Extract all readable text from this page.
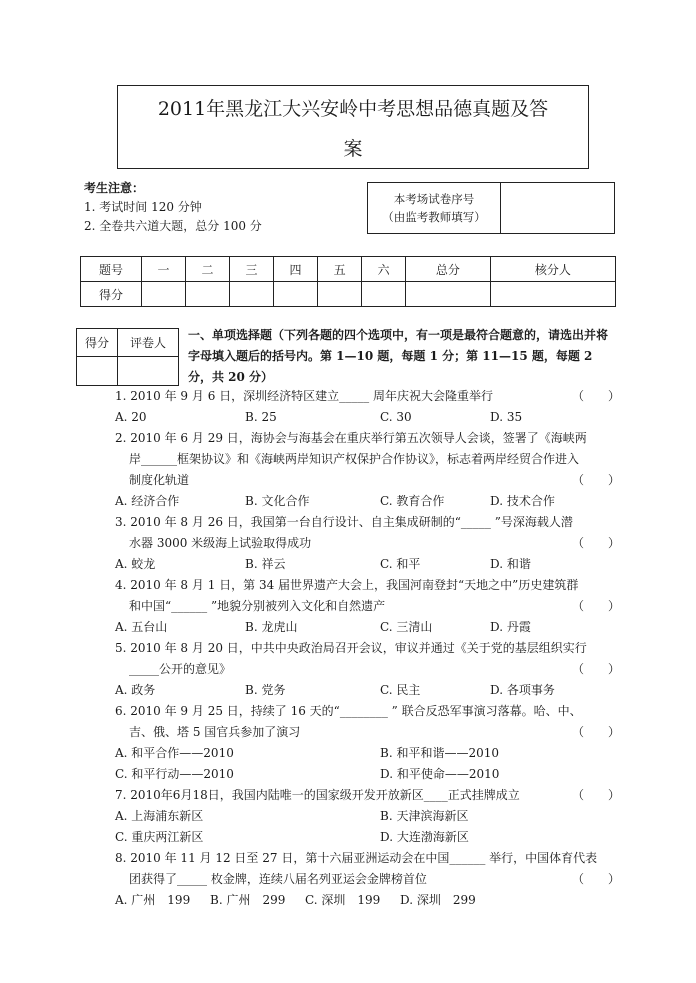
2011年黑龙江大兴安岭中考思想品德真题及答
案
考生注意：
1. 考试时间 120 分钟
2. 全卷共六道大题，总分 100 分
本考场试卷序号
（由监考教师填写）
题号	一	二	三	四	五	六	总分	核分人
得分								
得分	评卷人

一、单项选择题（下列各题的四个选项中，有一项是最符合题意的，请选出并将字母填入题后的括号内。第 1—10 题，每题 1 分；第 11—15 题，每题 2 分，共 20 分）
1. 2010 年 9 月 6 日，深圳经济特区建立_____ 周年庆祝大会隆重举行	（　　）
A. 20	B. 25	C. 30	D. 35
2. 2010 年 6 月 29 日，海协会与海基会在重庆举行第五次领导人会谈，签署了《海峡两
岸______框架协议》和《海峡两岸知识产权保护合作协议》，标志着两岸经贸合作进入
制度化轨道	（　　）
A. 经济合作	B. 文化合作	C. 教育合作	D. 技术合作
3. 2010 年 8 月 26 日，我国第一台自行设计、自主集成研制的“_____ ”号深海载人潜
水器 3000 米级海上试验取得成功	（　　）
A. 蛟龙	B. 祥云	C. 和平	D. 和谐
4. 2010 年 8 月 1 日，第 34 届世界遗产大会上，我国河南登封“天地之中”历史建筑群
和中国“______ ”地貌分别被列入文化和自然遗产	（　　）
A. 五台山	B. 龙虎山	C. 三清山	D. 丹霞
5. 2010 年 8 月 20 日，中共中央政治局召开会议，审议并通过《关于党的基层组织实行
_____公开的意见》	（　　）
A. 政务	B. 党务	C. 民主	D. 各项事务
6. 2010 年 9 月 25 日，持续了 16 天的“________ ” 联合反恐军事演习落幕。哈、中、
吉、俄、塔 5 国官兵参加了演习	（　　）
A. 和平合作——2010	B. 和平和谐——2010
C. 和平行动——2010	D. 和平使命——2010
7. 2010年6月18日，我国内陆唯一的国家级开发开放新区____正式挂牌成立	（　　）
A. 上海浦东新区	B. 天津滨海新区
C. 重庆两江新区	D. 大连渤海新区
8. 2010 年 11 月 12 日至 27 日，第十六届亚洲运动会在中国______ 举行，中国体育代表
团获得了_____ 枚金牌，连续八届名列亚运会金牌榜首位	（　　）
A. 广州　199 B. 广州　299 C. 深圳　199 D. 深圳　299
